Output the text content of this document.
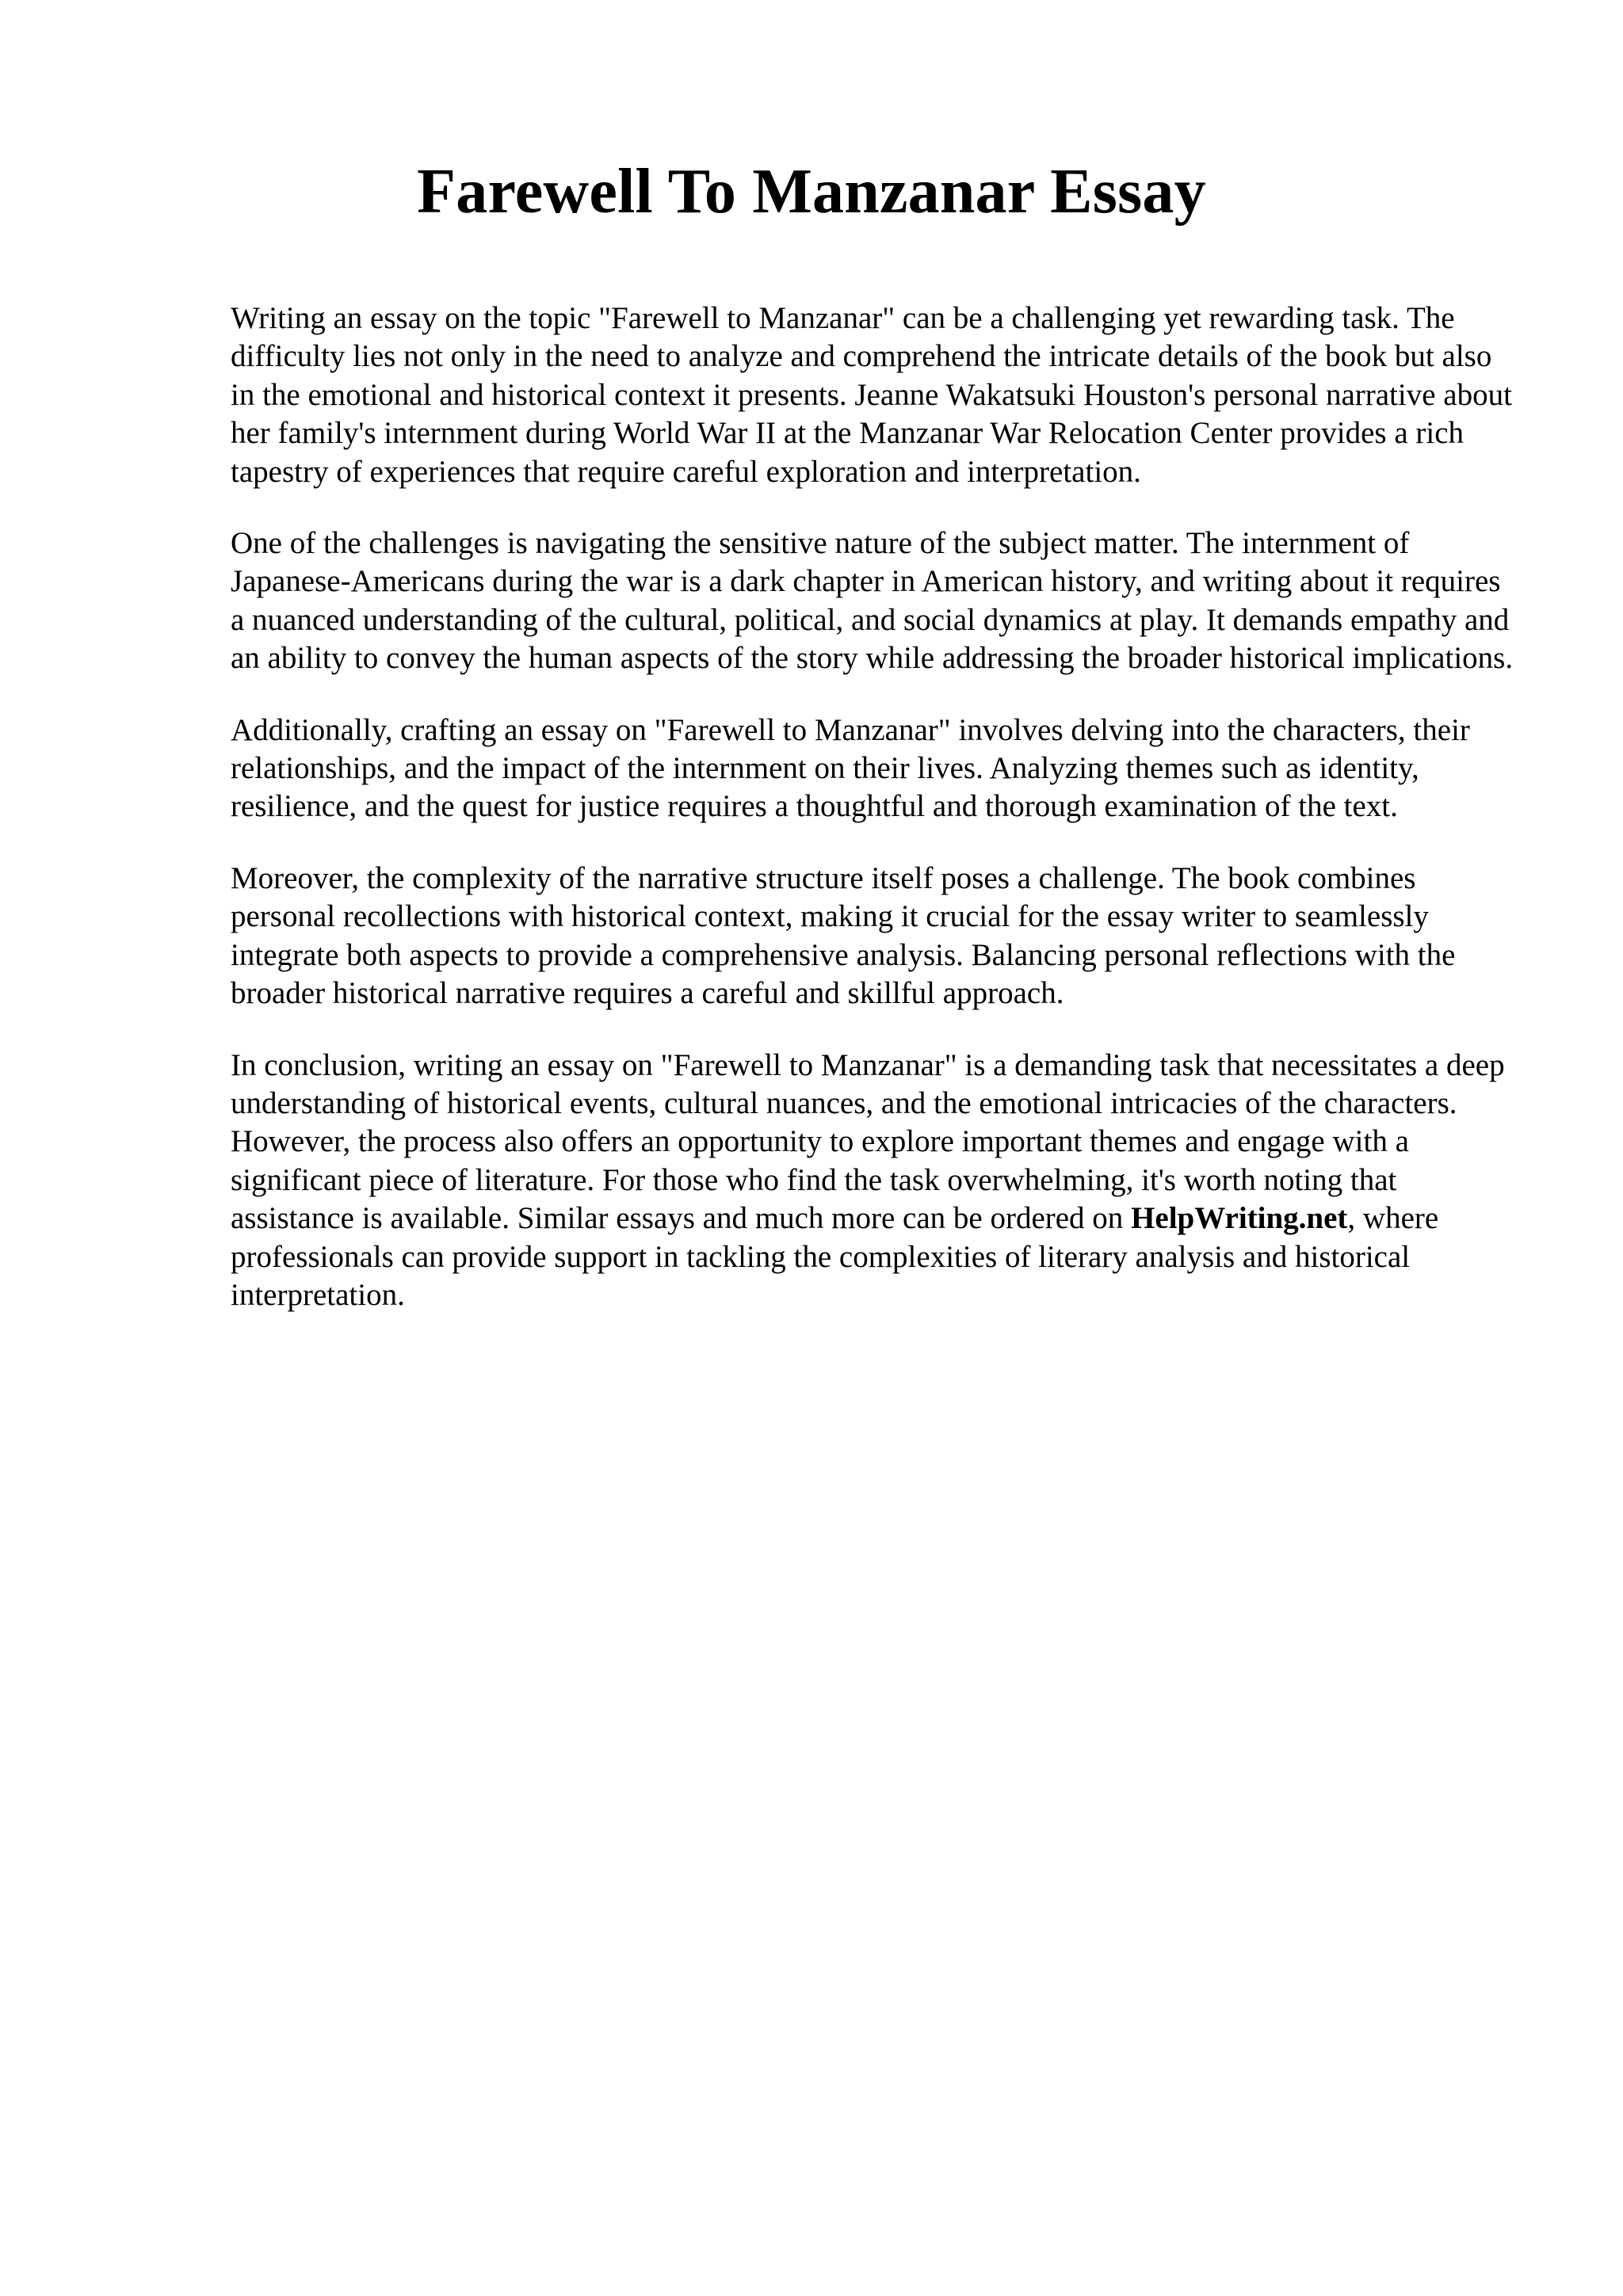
Farewell To Manzanar Essay

Writing an essay on the topic "Farewell to Manzanar" can be a challenging yet rewarding task. The difficulty lies not only in the need to analyze and comprehend the intricate details of the book but also in the emotional and historical context it presents. Jeanne Wakatsuki Houston's personal narrative about her family's internment during World War II at the Manzanar War Relocation Center provides a rich tapestry of experiences that require careful exploration and interpretation.

One of the challenges is navigating the sensitive nature of the subject matter. The internment of Japanese-Americans during the war is a dark chapter in American history, and writing about it requires a nuanced understanding of the cultural, political, and social dynamics at play. It demands empathy and an ability to convey the human aspects of the story while addressing the broader historical implications.

Additionally, crafting an essay on "Farewell to Manzanar" involves delving into the characters, their relationships, and the impact of the internment on their lives. Analyzing themes such as identity, resilience, and the quest for justice requires a thoughtful and thorough examination of the text.

Moreover, the complexity of the narrative structure itself poses a challenge. The book combines personal recollections with historical context, making it crucial for the essay writer to seamlessly integrate both aspects to provide a comprehensive analysis. Balancing personal reflections with the broader historical narrative requires a careful and skillful approach.

In conclusion, writing an essay on "Farewell to Manzanar" is a demanding task that necessitates a deep understanding of historical events, cultural nuances, and the emotional intricacies of the characters. However, the process also offers an opportunity to explore important themes and engage with a significant piece of literature. For those who find the task overwhelming, it's worth noting that assistance is available. Similar essays and much more can be ordered on HelpWriting.net, where professionals can provide support in tackling the complexities of literary analysis and historical interpretation.
